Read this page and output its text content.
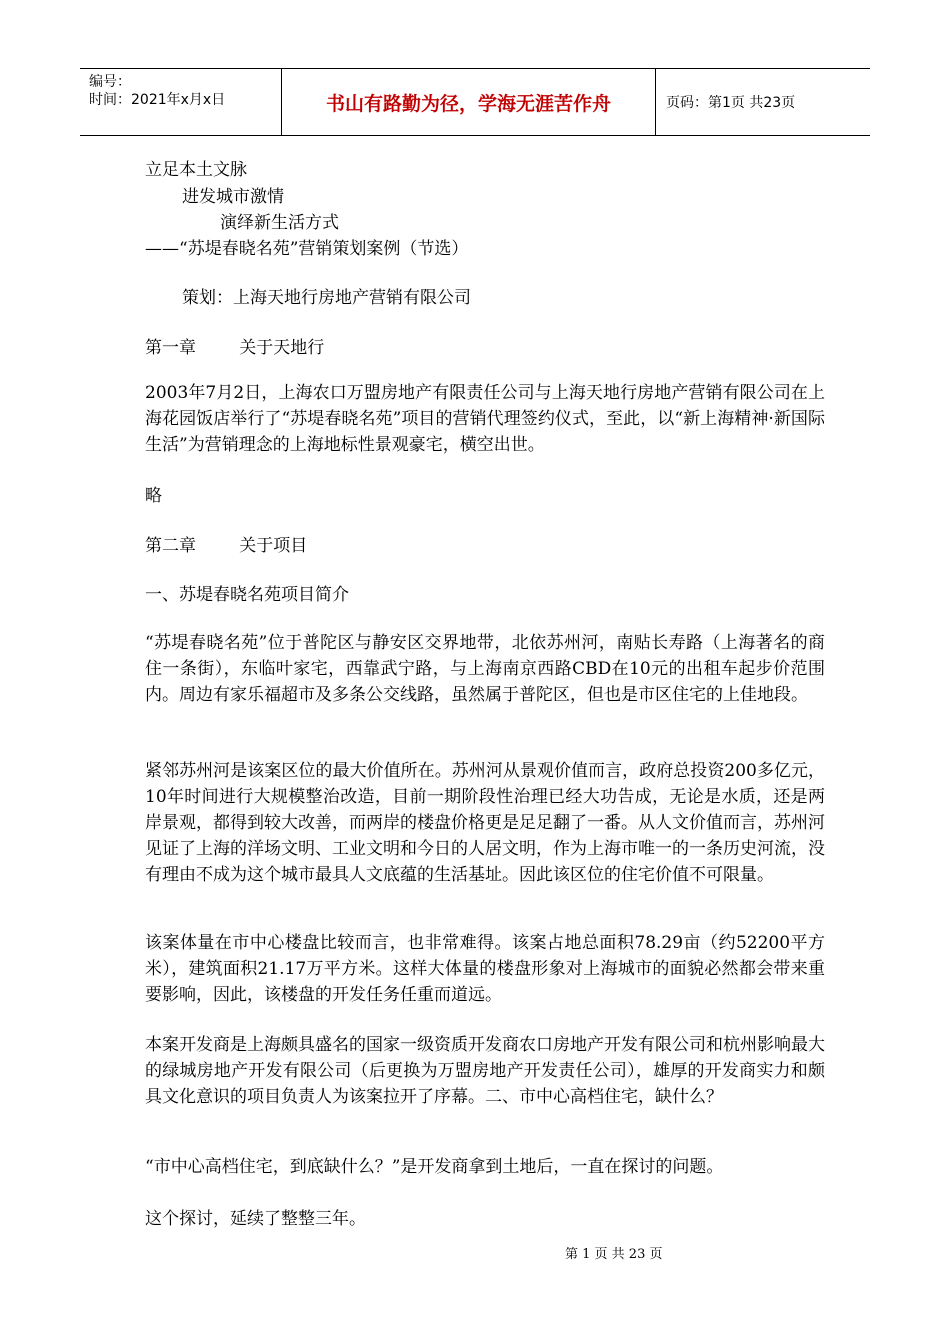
编号：
时间：2021年x月x日	书山有路勤为径，学海无涯苦作舟	页码：第1页 共23页

立足本土文脉

进发城市激情

演绎新生活方式

——“苏堤春晓名苑”营销策划案例（节选）

策划：上海天地行房地产营销有限公司

第一章        关于天地行

2003年7月2日，上海农口万盟房地产有限责任公司与上海天地行房地产营销有限公司在上海花园饭店举行了“苏堤春晓名苑”项目的营销代理签约仪式，至此，以“新上海精神·新国际生活”为营销理念的上海地标性景观豪宅，横空出世。

略

第二章        关于项目

一、苏堤春晓名苑项目简介

“苏堤春晓名苑”位于普陀区与静安区交界地带，北依苏州河，南贴长寿路（上海著名的商住一条街），东临叶家宅，西靠武宁路，与上海南京西路CBD在10元的出租车起步价范围内。周边有家乐福超市及多条公交线路，虽然属于普陀区，但也是市区住宅的上佳地段。

紧邻苏州河是该案区位的最大价值所在。苏州河从景观价值而言，政府总投资200多亿元，10年时间进行大规模整治改造，目前一期阶段性治理已经大功告成，无论是水质，还是两岸景观，都得到较大改善，而两岸的楼盘价格更是足足翻了一番。从人文价值而言，苏州河见证了上海的洋场文明、工业文明和今日的人居文明，作为上海市唯一的一条历史河流，没有理由不成为这个城市最具人文底蕴的生活基址。因此该区位的住宅价值不可限量。

该案体量在市中心楼盘比较而言，也非常难得。该案占地总面积78.29亩（约52200平方米），建筑面积21.17万平方米。这样大体量的楼盘形象对上海城市的面貌必然都会带来重要影响，因此，该楼盘的开发任务任重而道远。

本案开发商是上海颇具盛名的国家一级资质开发商农口房地产开发有限公司和杭州影响最大的绿城房地产开发有限公司（后更换为万盟房地产开发责任公司），雄厚的开发商实力和颇具文化意识的项目负责人为该案拉开了序幕。二、市中心高档住宅，缺什么？

“市中心高档住宅，到底缺什么？”是开发商拿到土地后，一直在探讨的问题。

这个探讨，延续了整整三年。

第 1 页 共 23 页
